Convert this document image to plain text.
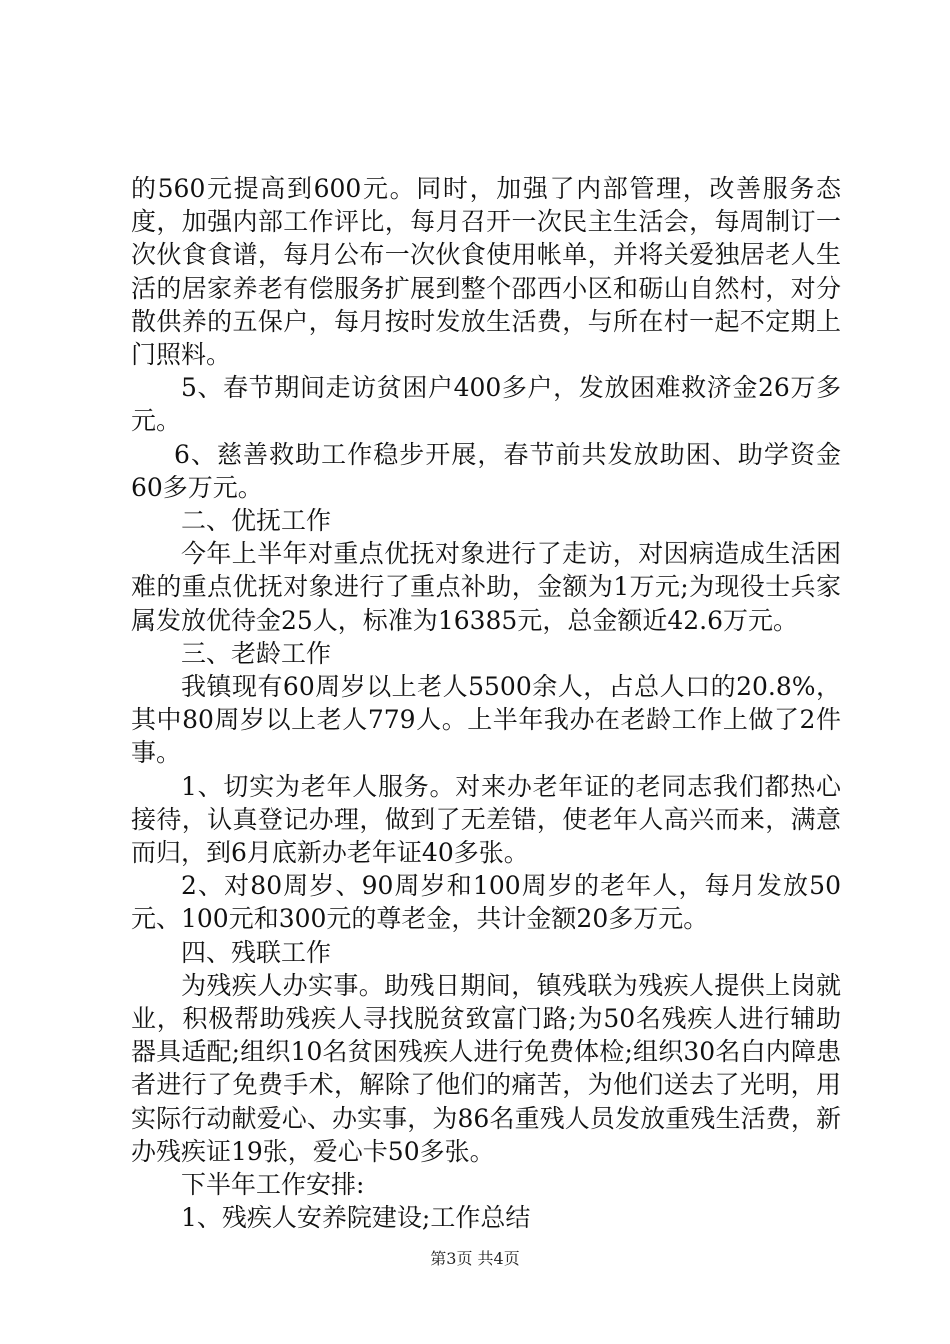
的560元提高到600元。同时，加强了内部管理，改善服务态度，加强内部工作评比，每月召开一次民主生活会，每周制订一次伙食食谱，每月公布一次伙食使用帐单，并将关爱独居老人生活的居家养老有偿服务扩展到整个邵西小区和砺山自然村，对分散供养的五保户，每月按时发放生活费，与所在村一起不定期上门照料。

5、春节期间走访贫困户400多户，发放困难救济金26万多元。

6、慈善救助工作稳步开展，春节前共发放助困、助学资金60多万元。

二、优抚工作

今年上半年对重点优抚对象进行了走访，对因病造成生活困难的重点优抚对象进行了重点补助，金额为1万元;为现役士兵家属发放优待金25人，标准为16385元，总金额近42.6万元。

三、老龄工作

我镇现有60周岁以上老人5500余人，占总人口的20.8%，其中80周岁以上老人779人。上半年我办在老龄工作上做了2件事。

1、切实为老年人服务。对来办老年证的老同志我们都热心接待，认真登记办理，做到了无差错，使老年人高兴而来，满意而归，到6月底新办老年证40多张。

2、对80周岁、90周岁和100周岁的老年人，每月发放50元、100元和300元的尊老金，共计金额20多万元。

四、残联工作

为残疾人办实事。助残日期间，镇残联为残疾人提供上岗就业，积极帮助残疾人寻找脱贫致富门路;为50名残疾人进行辅助器具适配;组织10名贫困残疾人进行免费体检;组织30名白内障患者进行了免费手术，解除了他们的痛苦，为他们送去了光明，用实际行动献爱心、办实事，为86名重残人员发放重残生活费，新办残疾证19张，爱心卡50多张。

下半年工作安排:

1、残疾人安养院建设;工作总结

第3页 共4页
